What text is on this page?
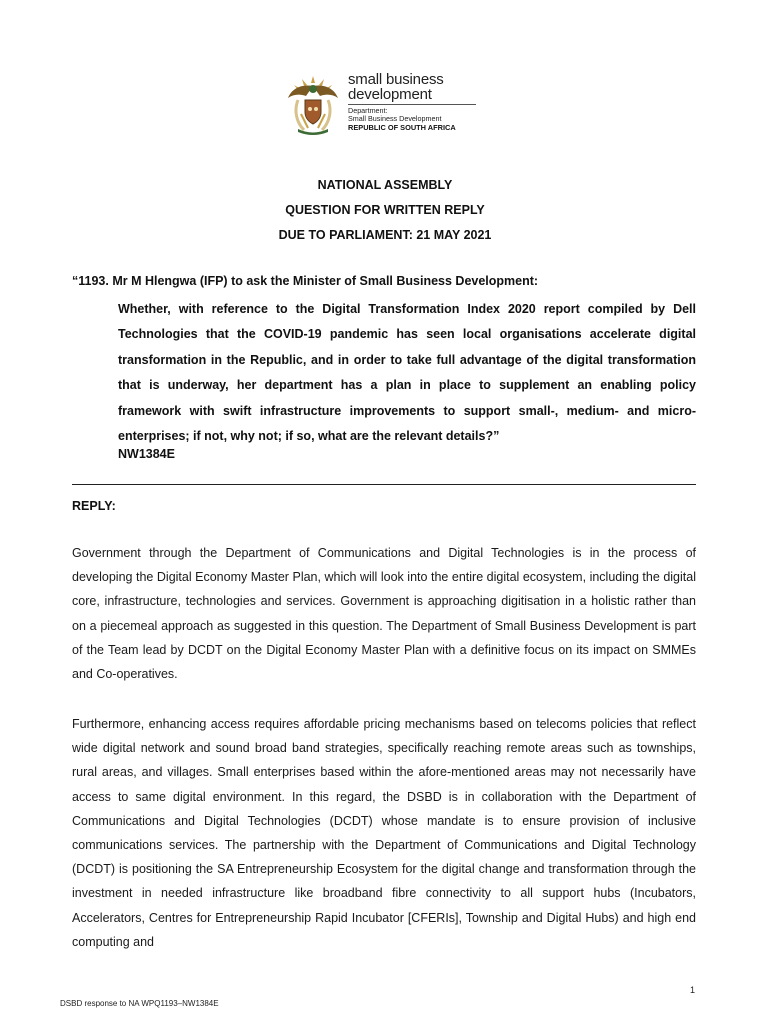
small business
development
Department:
Small Business Development
REPUBLIC OF SOUTH AFRICA
NATIONAL ASSEMBLY
QUESTION FOR WRITTEN REPLY
DUE TO PARLIAMENT: 21 MAY 2021
“1193. Mr M Hlengwa (IFP) to ask the Minister of Small Business Development:

Whether, with reference to the Digital Transformation Index 2020 report compiled by Dell Technologies that the COVID-19 pandemic has seen local organisations accelerate digital transformation in the Republic, and in order to take full advantage of the digital transformation that is underway, her department has a plan in place to supplement an enabling policy framework with swift infrastructure improvements to support small-, medium- and micro-enterprises; if not, why not; if so, what are the relevant details?”

NW1384E
REPLY:

Government through the Department of Communications and Digital Technologies is in the process of developing the Digital Economy Master Plan, which will look into the entire digital ecosystem, including the digital core, infrastructure, technologies and services. Government is approaching digitisation in a holistic rather than on a piecemeal approach as suggested in this question. The Department of Small Business Development is part of the Team lead by DCDT on the Digital Economy Master Plan with a definitive focus on its impact on SMMEs and Co-operatives.

Furthermore, enhancing access requires affordable pricing mechanisms based on telecoms policies that reflect wide digital network and sound broad band strategies, specifically reaching remote areas such as townships, rural areas, and villages. Small enterprises based within the afore-mentioned areas may not necessarily have access to same digital environment. In this regard, the DSBD is in collaboration with the Department of Communications and Digital Technologies (DCDT) whose mandate is to ensure provision of inclusive communications services. The partnership with the Department of Communications and Digital Technology (DCDT) is positioning the SA Entrepreneurship Ecosystem for the digital change and transformation through the investment in needed infrastructure like broadband fibre connectivity to all support hubs (Incubators, Accelerators, Centres for Entrepreneurship Rapid Incubator [CFERIs], Township and Digital Hubs) and high end computing and

1
DSBD response to NA WPQ1193–NW1384E
